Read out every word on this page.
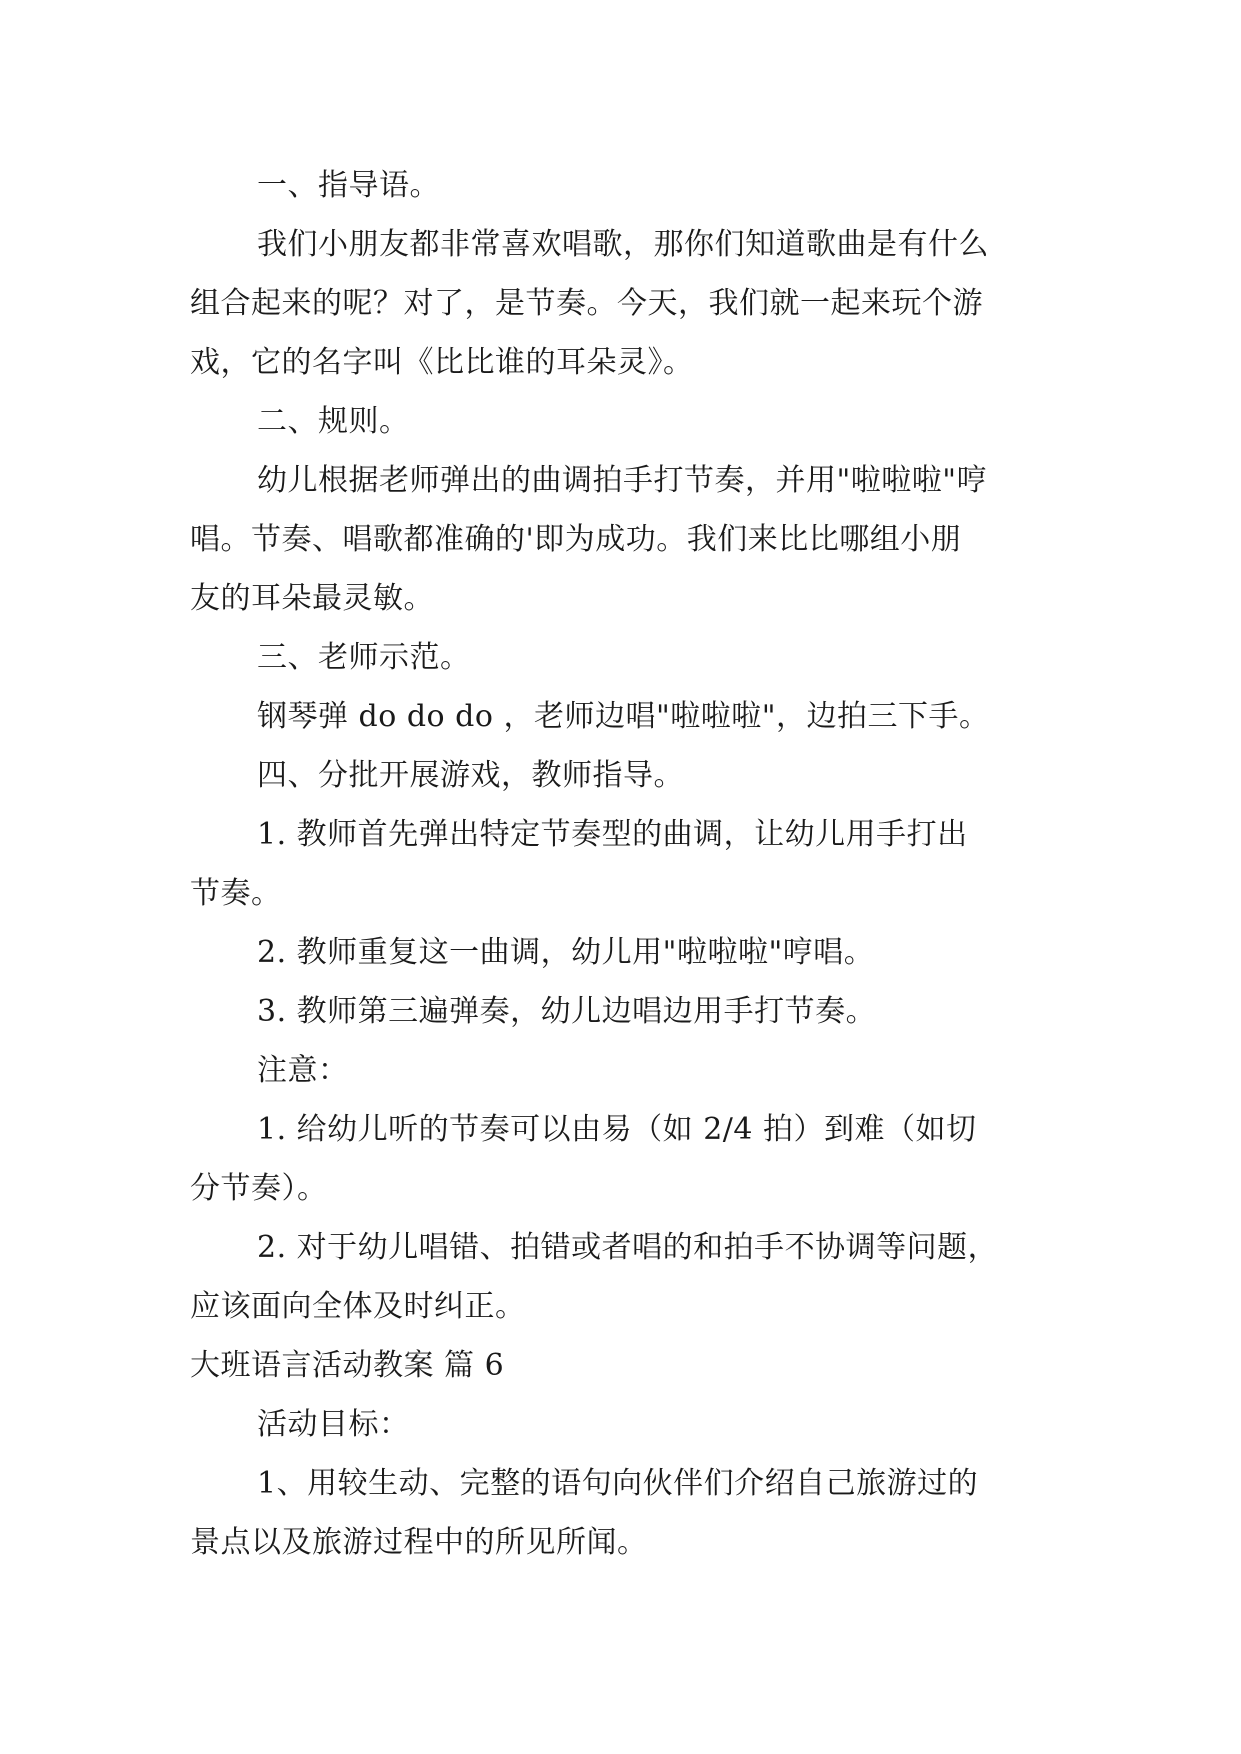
一、指导语。
我们小朋友都非常喜欢唱歌，那你们知道歌曲是有什么
组合起来的呢？对了，是节奏。今天，我们就一起来玩个游
戏，它的名字叫《比比谁的耳朵灵》。
二、规则。
幼儿根据老师弹出的曲调拍手打节奏，并用"啦啦啦"哼
唱。节奏、唱歌都准确的'即为成功。我们来比比哪组小朋
友的耳朵最灵敏。
三、老师示范。
钢琴弹 do do do ，老师边唱"啦啦啦"，边拍三下手。
四、分批开展游戏，教师指导。
1. 教师首先弹出特定节奏型的曲调，让幼儿用手打出
节奏。
2. 教师重复这一曲调，幼儿用"啦啦啦"哼唱。
3. 教师第三遍弹奏，幼儿边唱边用手打节奏。
注意：
1. 给幼儿听的节奏可以由易（如 2/4 拍）到难（如切
分节奏）。
2. 对于幼儿唱错、拍错或者唱的和拍手不协调等问题，
应该面向全体及时纠正。
大班语言活动教案 篇 6
活动目标：
1、用较生动、完整的语句向伙伴们介绍自己旅游过的
景点以及旅游过程中的所见所闻。
